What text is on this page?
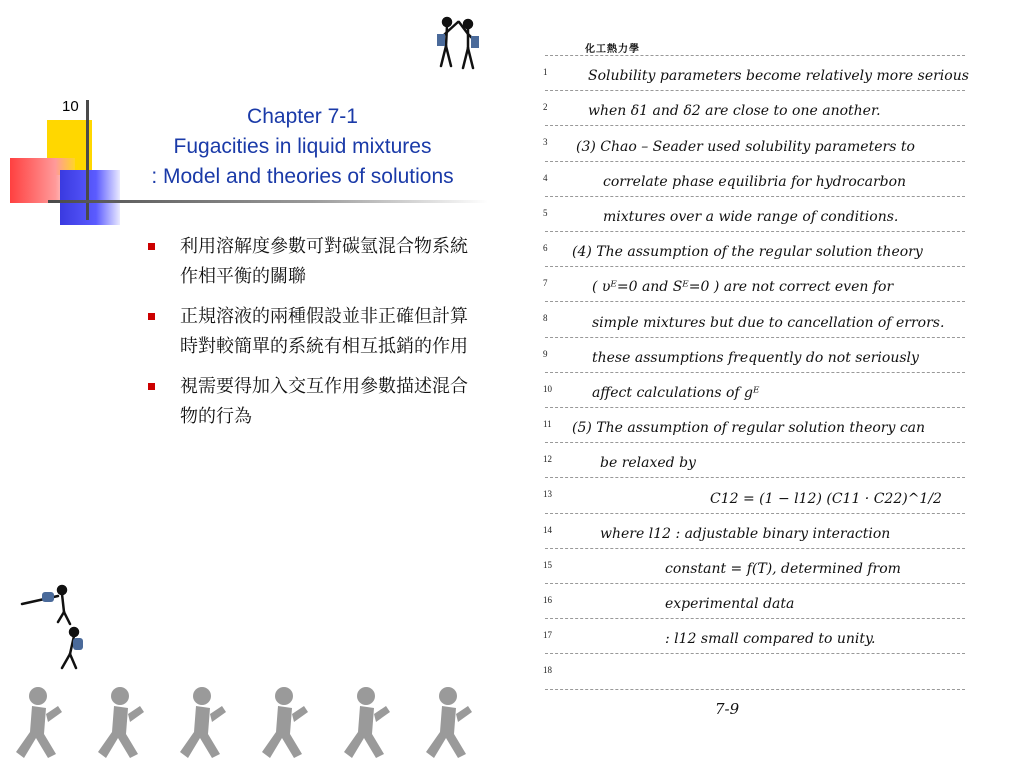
10	Chapter 7-1
Fugacities in liquid mixtures
: Model and theories of solutions
利用溶解度參數可對碳氫混合物系統作相平衡的關聯
正規溶液的兩種假設並非正確但計算時對較簡單的系統有相互抵銷的作用
視需要得加入交互作用參數描述混合物的行為
化工熱力學
1	Solubility parameters become relatively more serious
2	when δ1 and δ2 are close to one another.
3 (3) Chao – Seader used solubility parameters to
4	correlate phase equilibria for hydrocarbon
5	mixtures over a wide range of conditions.
6 (4) The assumption of the regular solution theory
7	( υᴱ=0 and Sᴱ=0 ) are not correct even for
8	simple mixtures but due to cancellation of errors.
9	these assumptions frequently do not seriously
10	affect calculations of gᴱ
11 (5) The assumption of regular solution theory can
12	be relaxed by
13	C12 = (1 − l12) (C11 · C22)^1/2
14	where l12 : adjustable binary interaction
15	constant = f(T), determined from
16	experimental data
17	: l12 small compared to unity.
18
7-9
